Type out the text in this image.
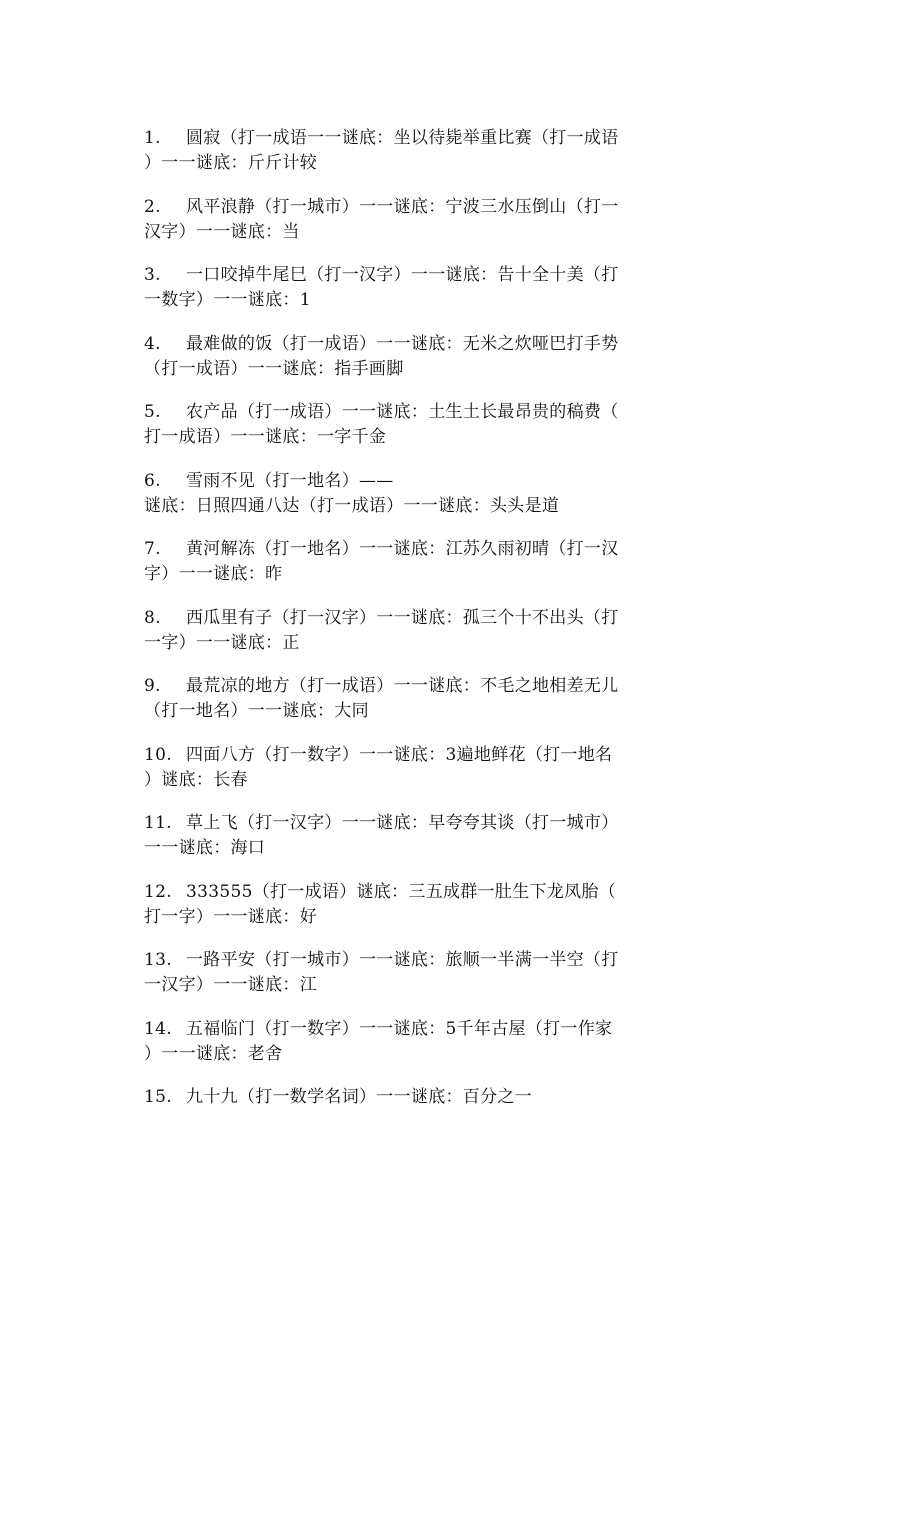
1. 圆寂（打一成语一一谜底：坐以待毙举重比赛（打一成语
）一一谜底：斤斤计较
2. 风平浪静（打一城市）一一谜底：宁波三水压倒山（打一
汉字）一一谜底：当
3. 一口咬掉牛尾巳（打一汉字）一一谜底：告十全十美（打
一数字）一一谜底：1
4. 最难做的饭（打一成语）一一谜底：无米之炊哑巴打手势
（打一成语）一一谜底：指手画脚
5. 农产品（打一成语）一一谜底：土生土长最昂贵的稿费（
打一成语）一一谜底：一字千金
6. 雪雨不见（打一地名）——
谜底：日照四通八达（打一成语）一一谜底：头头是道
7. 黄河解冻（打一地名）一一谜底：江苏久雨初晴（打一汉
字）一一谜底：昨
8. 西瓜里有子（打一汉字）一一谜底：孤三个十不出头（打
一字）一一谜底：正
9. 最荒凉的地方（打一成语）一一谜底：不毛之地相差无儿
（打一地名）一一谜底：大同
10. 四面八方（打一数字）一一谜底：3遍地鲜花（打一地名
）谜底：长春
11. 草上飞（打一汉字）一一谜底：早夸夸其谈（打一城市）
一一谜底：海口
12. 333555（打一成语）谜底：三五成群一肚生下龙凤胎（
打一字）一一谜底：好
13. 一路平安（打一城市）一一谜底：旅顺一半满一半空（打
一汉字）一一谜底：江
14. 五福临门（打一数字）一一谜底：5千年古屋（打一作家
）一一谜底：老舍
15. 九十九（打一数学名词）一一谜底：百分之一
